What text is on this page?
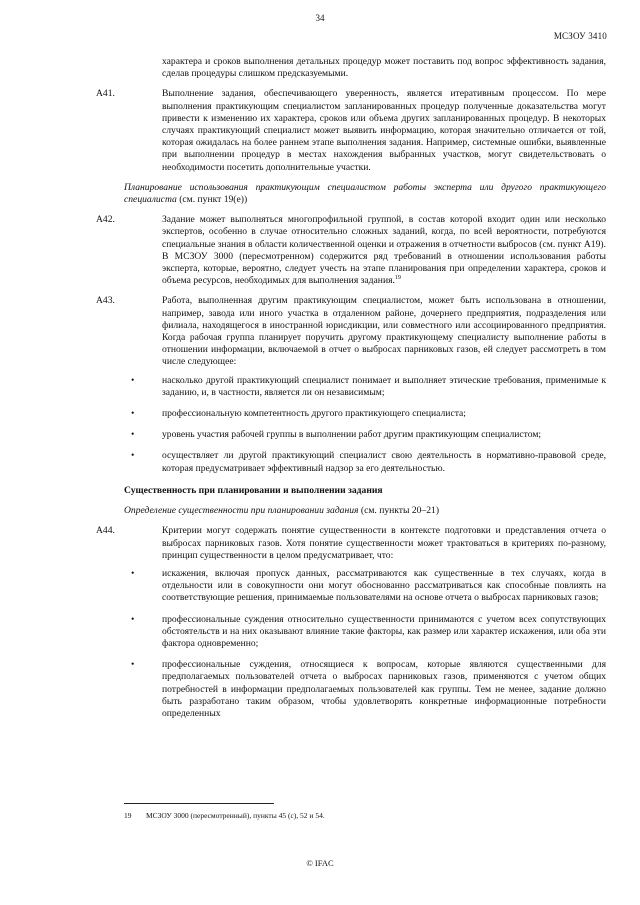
34
МСЗОУ 3410

характера и сроков выполнения детальных процедур может поставить под вопрос эффективность задания, сделав процедуры слишком предсказуемыми.

A41.	Выполнение задания, обеспечивающего уверенность, является итеративным процессом. По мере выполнения практикующим специалистом запланированных процедур полученные доказательства могут привести к изменению их характера, сроков или объема других запланированных процедур. В некоторых случаях практикующий специалист может выявить информацию, которая значительно отличается от той, которая ожидалась на более раннем этапе выполнения задания. Например, системные ошибки, выявленные при выполнении процедур в местах нахождения выбранных участков, могут свидетельствовать о необходимости посетить дополнительные участки.
Планирование использования практикующим специалистом работы эксперта или другого практикующего специалиста (см. пункт 19(е))
A42.	Задание может выполняться многопрофильной группой, в состав которой входит один или несколько экспертов, особенно в случае относительно сложных заданий, когда, по всей вероятности, потребуются специальные знания в области количественной оценки и отражения в отчетности выбросов (см. пункт A19). В МСЗОУ 3000 (пересмотренном) содержится ряд требований в отношении использования работы эксперта, которые, вероятно, следует учесть на этапе планирования при определении характера, сроков и объема ресурсов, необходимых для выполнения задания.$^{19}$
A43.	Работа, выполненная другим практикующим специалистом, может быть использована в отношении, например, завода или иного участка в отдаленном районе, дочернего предприятия, подразделения или филиала, находящегося в иностранной юрисдикции, или совместного или ассоциированного предприятия. Когда рабочая группа планирует поручить другому практикующему специалисту выполнение работы в отношении информации, включаемой в отчет о выбросах парниковых газов, ей следует рассмотреть в том числе следующее:
•	насколько другой практикующий специалист понимает и выполняет этические требования, применимые к заданию, и, в частности, является ли он независимым;
•	профессиональную компетентность другого практикующего специалиста;
•	уровень участия рабочей группы в выполнении работ другим практикующим специалистом;
•	осуществляет ли другой практикующий специалист свою деятельность в нормативно-правовой среде, которая предусматривает эффективный надзор за его деятельностью.
Существенность при планировании и выполнении задания
Определение существенности при планировании задания (см. пункты 20–21)
A44.	Критерии могут содержать понятие существенности в контексте подготовки и представления отчета о выбросах парниковых газов. Хотя понятие существенности может трактоваться в критериях по-разному, принцип существенности в целом предусматривает, что:
•	искажения, включая пропуск данных, рассматриваются как существенные в тех случаях, когда в отдельности или в совокупности они могут обоснованно рассматриваться как способные повлиять на соответствующие решения, принимаемые пользователями на основе отчета о выбросах парниковых газов;
•	профессиональные суждения относительно существенности принимаются с учетом всех сопутствующих обстоятельств и на них оказывают влияние такие факторы, как размер или характер искажения, или оба эти фактора одновременно;
•	профессиональные суждения, относящиеся к вопросам, которые являются существенными для предполагаемых пользователей отчета о выбросах парниковых газов, применяются с учетом общих потребностей в информации предполагаемых пользователей как группы. Тем не менее, задание должно быть разработано таким образом, чтобы удовлетворять конкретные информационные потребности определенных
19 МСЗОУ 3000 (пересмотренный), пункты 45 (c), 52 и 54.
© IFAC
